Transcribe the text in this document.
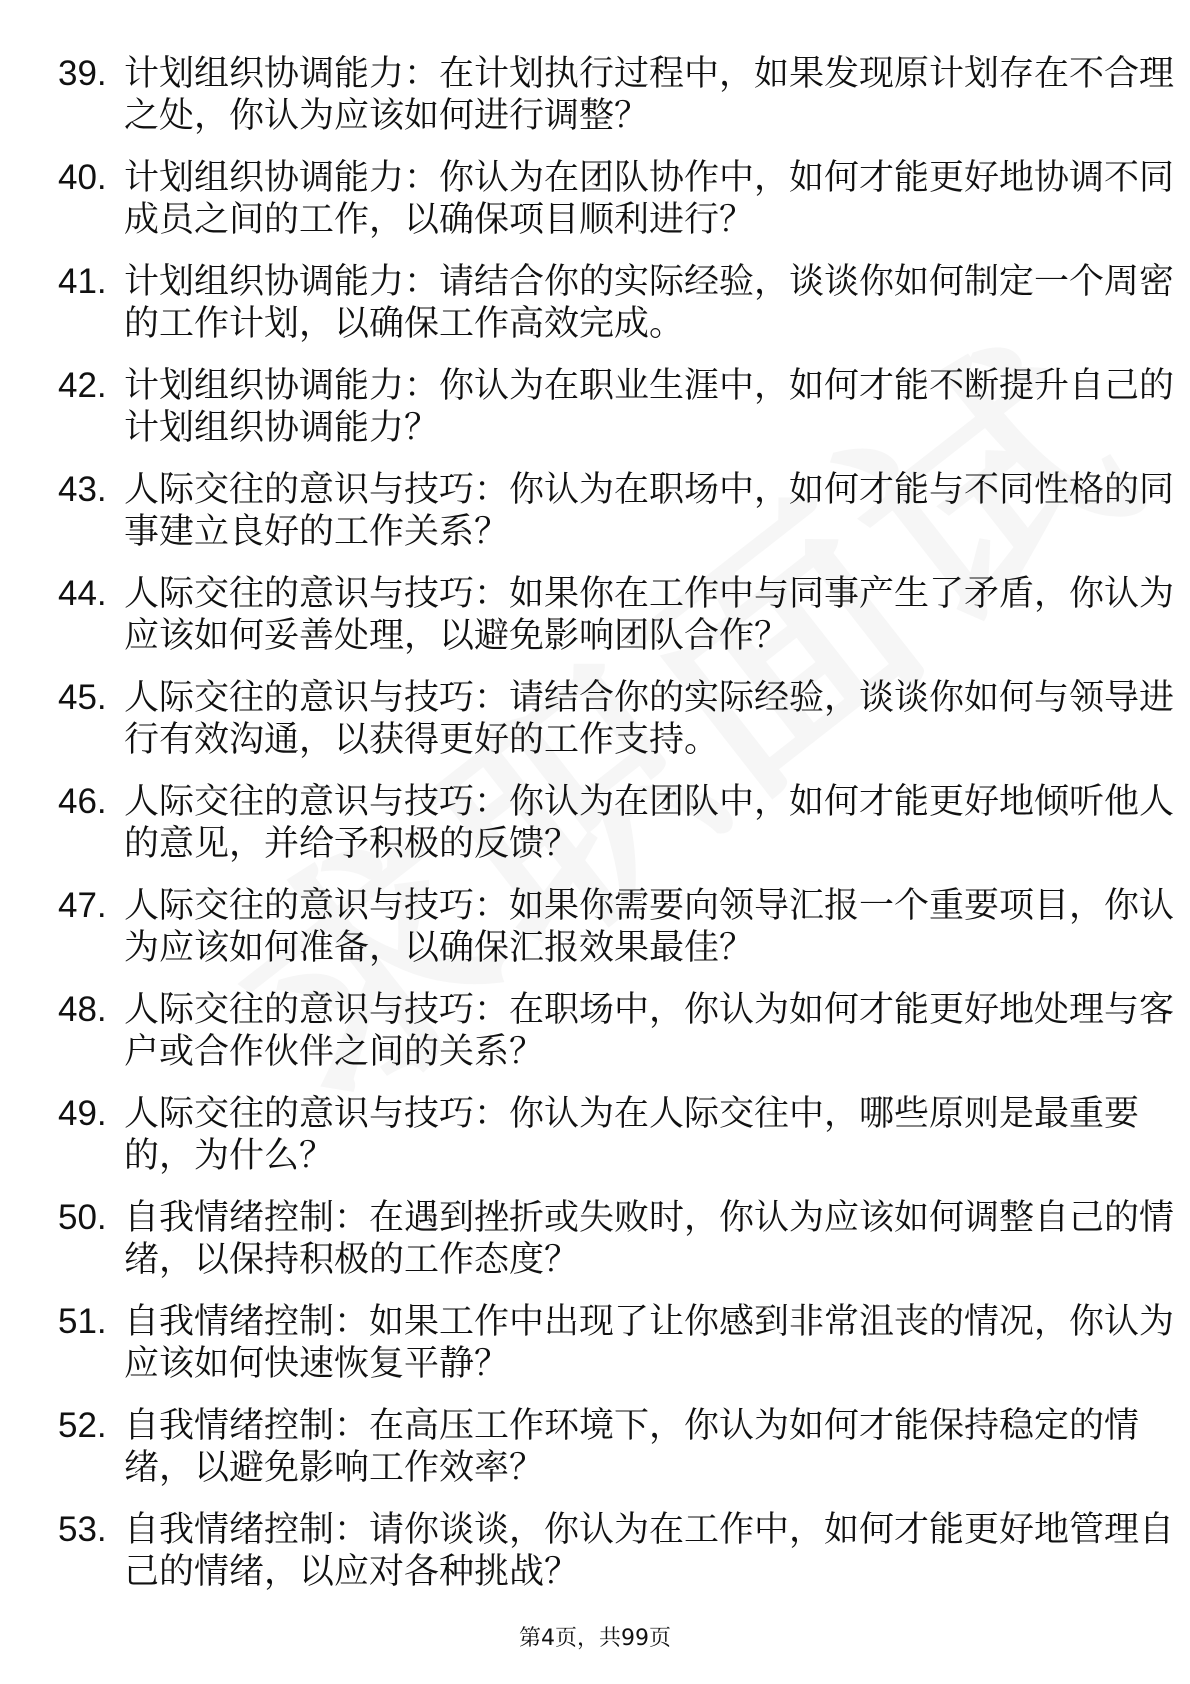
39. 计划组织协调能力：在计划执行过程中，如果发现原计划存在不合理之处，你认为应该如何进行调整？
40. 计划组织协调能力：你认为在团队协作中，如何才能更好地协调不同成员之间的工作，以确保项目顺利进行？
41. 计划组织协调能力：请结合你的实际经验，谈谈你如何制定一个周密的工作计划，以确保工作高效完成。
42. 计划组织协调能力：你认为在职业生涯中，如何才能不断提升自己的计划组织协调能力？
43. 人际交往的意识与技巧：你认为在职场中，如何才能与不同性格的同事建立良好的工作关系？
44. 人际交往的意识与技巧：如果你在工作中与同事产生了矛盾，你认为应该如何妥善处理，以避免影响团队合作？
45. 人际交往的意识与技巧：请结合你的实际经验，谈谈你如何与领导进行有效沟通，以获得更好的工作支持。
46. 人际交往的意识与技巧：你认为在团队中，如何才能更好地倾听他人的意见，并给予积极的反馈？
47. 人际交往的意识与技巧：如果你需要向领导汇报一个重要项目，你认为应该如何准备，以确保汇报效果最佳？
48. 人际交往的意识与技巧：在职场中，你认为如何才能更好地处理与客户或合作伙伴之间的关系？
49. 人际交往的意识与技巧：你认为在人际交往中，哪些原则是最重要的，为什么？
50. 自我情绪控制：在遇到挫折或失败时，你认为应该如何调整自己的情绪，以保持积极的工作态度？
51. 自我情绪控制：如果工作中出现了让你感到非常沮丧的情况，你认为应该如何快速恢复平静？
52. 自我情绪控制：在高压工作环境下，你认为如何才能保持稳定的情绪，以避免影响工作效率？
53. 自我情绪控制：请你谈谈，你认为在工作中，如何才能更好地管理自己的情绪，以应对各种挑战？
第4页，共99页
